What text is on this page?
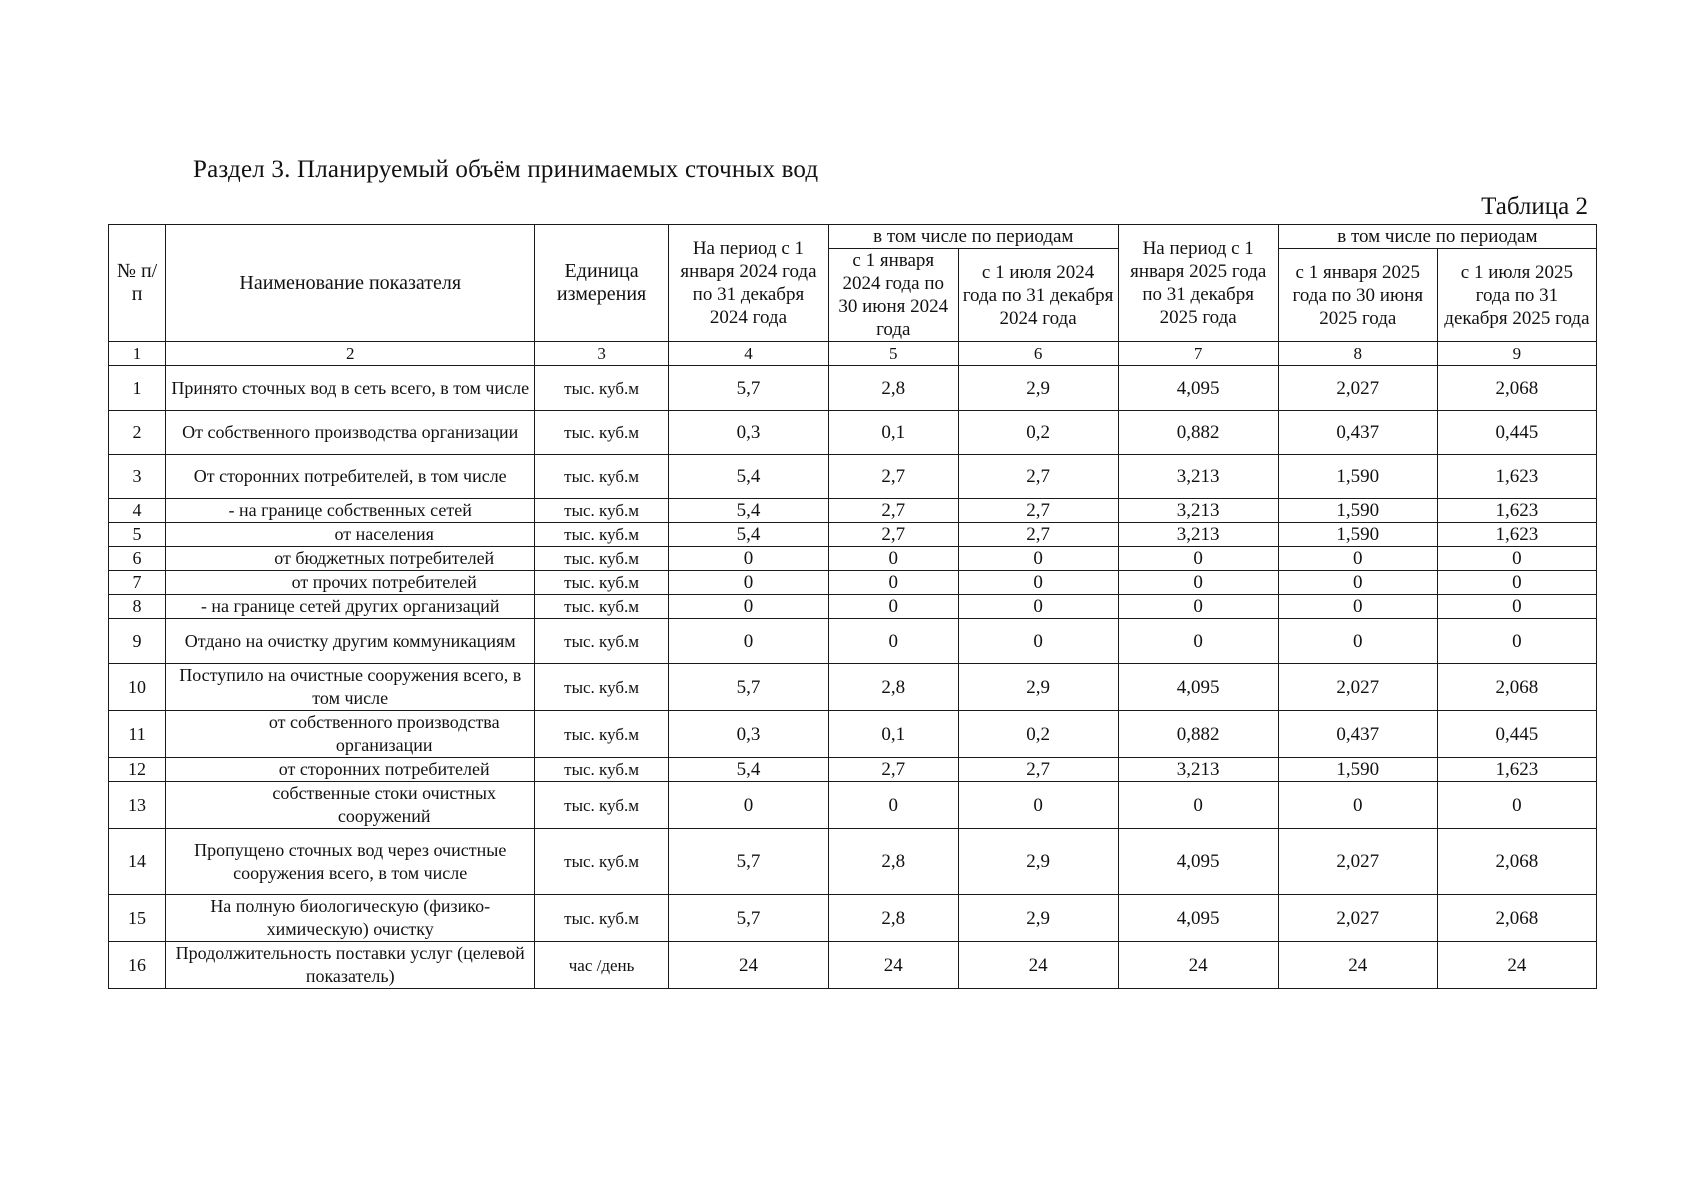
Раздел 3. Планируемый объём принимаемых сточных вод
Таблица 2
№ п/п	Наименование показателя	Единица измерения	На период с 1 января 2024 года по 31 декабря 2024 года	в том числе по периодам		На период с 1 января 2025 года по 31 декабря 2025 года	в том числе по периодам	
				с 1 января 2024 года по 30 июня 2024 года	с 1 июля 2024 года по 31 декабря 2024 года		с 1 января 2025 года по 30 июня 2025 года	с 1 июля 2025 года по 31 декабря 2025 года
1	2	3	4	5	6	7	8	9
1	Принято сточных вод в сеть всего, в том числе	тыс. куб.м	5,7	2,8	2,9	4,095	2,027	2,068
2	От собственного производства организации	тыс. куб.м	0,3	0,1	0,2	0,882	0,437	0,445
3	От сторонних потребителей, в том числе	тыс. куб.м	5,4	2,7	2,7	3,213	1,590	1,623
4	- на границе собственных сетей	тыс. куб.м	5,4	2,7	2,7	3,213	1,590	1,623
5	от населения	тыс. куб.м	5,4	2,7	2,7	3,213	1,590	1,623
6	от бюджетных потребителей	тыс. куб.м	0	0	0	0	0	0
7	от прочих потребителей	тыс. куб.м	0	0	0	0	0	0
8	- на границе сетей других организаций	тыс. куб.м	0	0	0	0	0	0
9	Отдано на очистку другим коммуникациям	тыс. куб.м	0	0	0	0	0	0
10	Поступило на очистные сооружения всего, в том числе	тыс. куб.м	5,7	2,8	2,9	4,095	2,027	2,068
11	от собственного производства организации	тыс. куб.м	0,3	0,1	0,2	0,882	0,437	0,445
12	от сторонних потребителей	тыс. куб.м	5,4	2,7	2,7	3,213	1,590	1,623
13	собственные стоки очистных сооружений	тыс. куб.м	0	0	0	0	0	0
14	Пропущено сточных вод через очистные сооружения всего, в том числе	тыс. куб.м	5,7	2,8	2,9	4,095	2,027	2,068
15	На полную биологическую (физико-химическую) очистку	тыс. куб.м	5,7	2,8	2,9	4,095	2,027	2,068
16	Продолжительность поставки услуг (целевой показатель)	час /день	24	24	24	24	24	24
